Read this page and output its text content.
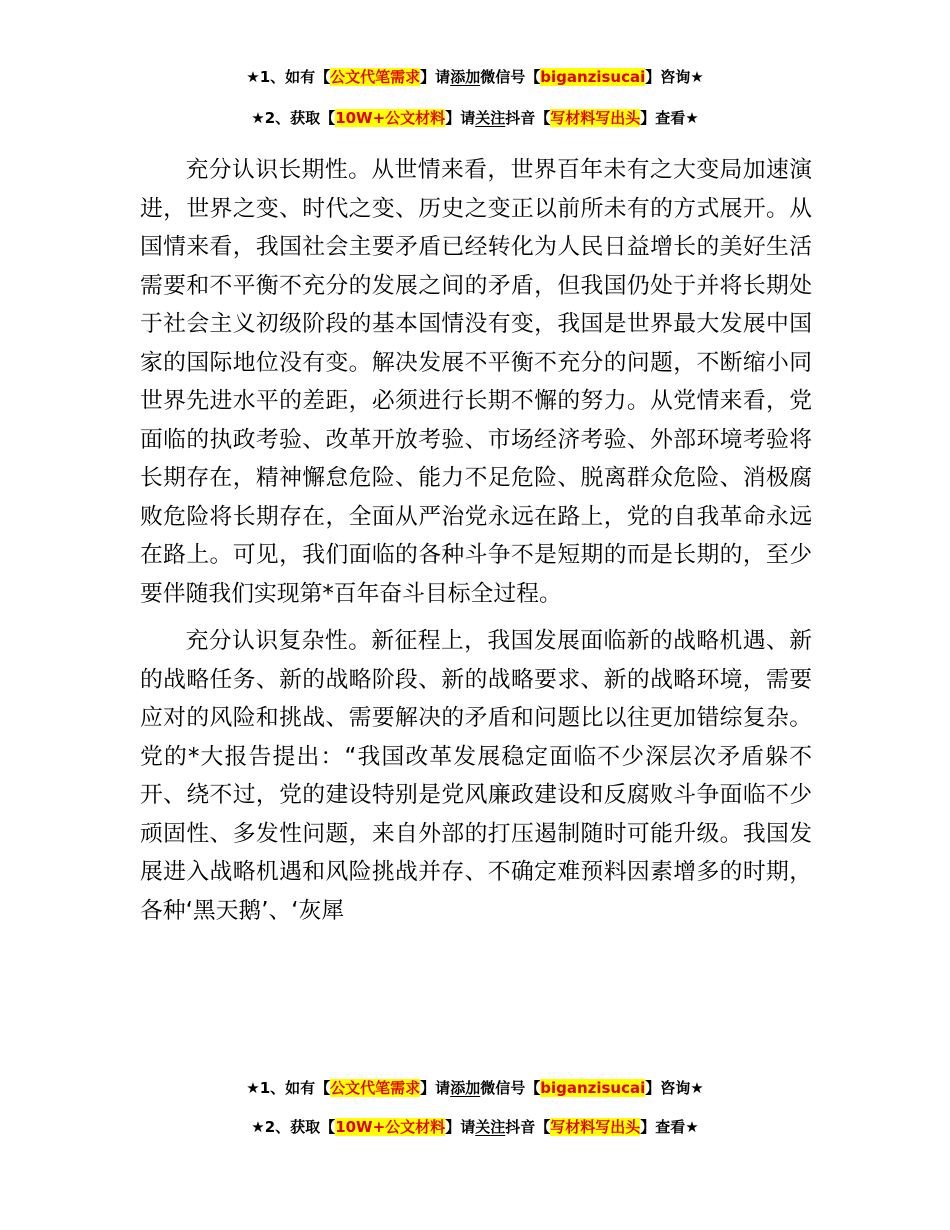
★1、如有【公文代笔需求】请添加微信号【biganzisucai】咨询★
★2、获取【10W+公文材料】请关注抖音【写材料写出头】查看★

充分认识长期性。从世情来看，世界百年未有之大变局加速演进，世界之变、时代之变、历史之变正以前所未有的方式展开。从国情来看，我国社会主要矛盾已经转化为人民日益增长的美好生活需要和不平衡不充分的发展之间的矛盾，但我国仍处于并将长期处于社会主义初级阶段的基本国情没有变，我国是世界最大发展中国家的国际地位没有变。解决发展不平衡不充分的问题，不断缩小同世界先进水平的差距，必须进行长期不懈的努力。从党情来看，党面临的执政考验、改革开放考验、市场经济考验、外部环境考验将长期存在，精神懈怠危险、能力不足危险、脱离群众危险、消极腐败危险将长期存在，全面从严治党永远在路上，党的自我革命永远在路上。可见，我们面临的各种斗争不是短期的而是长期的，至少要伴随我们实现第*百年奋斗目标全过程。

充分认识复杂性。新征程上，我国发展面临新的战略机遇、新的战略任务、新的战略阶段、新的战略要求、新的战略环境，需要应对的风险和挑战、需要解决的矛盾和问题比以往更加错综复杂。党的*大报告提出：“我国改革发展稳定面临不少深层次矛盾躲不开、绕不过，党的建设特别是党风廉政建设和反腐败斗争面临不少顽固性、多发性问题，来自外部的打压遏制随时可能升级。我国发展进入战略机遇和风险挑战并存、不确定难预料因素增多的时期，各种‘黑天鹅’、‘灰犀

★1、如有【公文代笔需求】请添加微信号【biganzisucai】咨询★
★2、获取【10W+公文材料】请关注抖音【写材料写出头】查看★
